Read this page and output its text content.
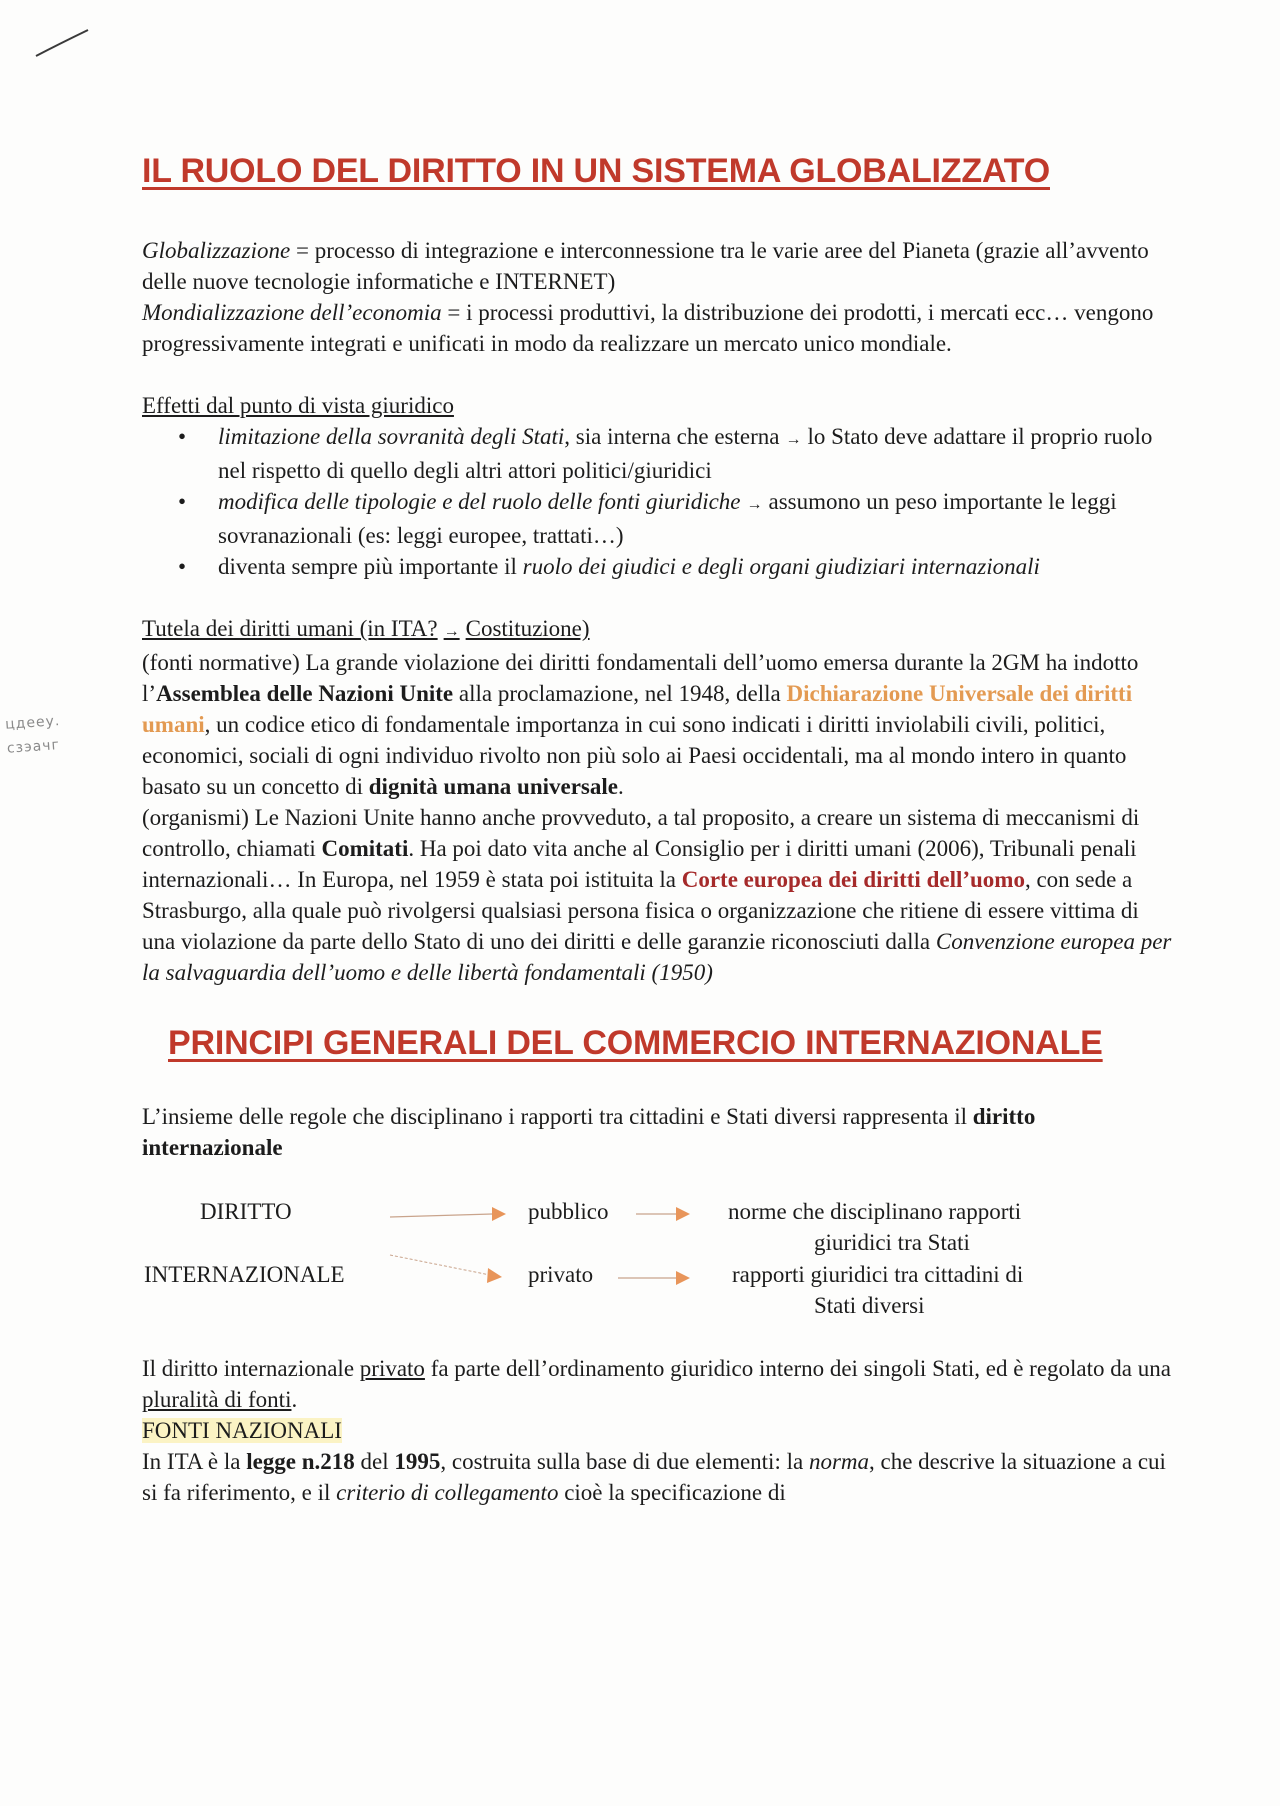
цдееу.
сзэачг
IL RUOLO DEL DIRITTO IN UN SISTEMA GLOBALIZZATO

Globalizzazione = processo di integrazione e interconnessione tra le varie aree del Pianeta (grazie all’avvento delle nuove tecnologie informatiche e INTERNET)

Mondializzazione dell’economia = i processi produttivi, la distribuzione dei prodotti, i mercati ecc… vengono progressivamente integrati e unificati in modo da realizzare un mercato unico mondiale.

Effetti dal punto di vista giuridico

• limitazione della sovranità degli Stati, sia interna che esterna → lo Stato deve adattare il proprio ruolo nel rispetto di quello degli altri attori politici/giuridici
• modifica delle tipologie e del ruolo delle fonti giuridiche → assumono un peso importante le leggi sovranazionali (es: leggi europee, trattati…)
• diventa sempre più importante il ruolo dei giudici e degli organi giudiziari internazionali

Tutela dei diritti umani (in ITA? → Costituzione)

(fonti normative) La grande violazione dei diritti fondamentali dell’uomo emersa durante la 2GM ha indotto l’Assemblea delle Nazioni Unite alla proclamazione, nel 1948, della Dichiarazione Universale dei diritti umani, un codice etico di fondamentale importanza in cui sono indicati i diritti inviolabili civili, politici, economici, sociali di ogni individuo rivolto non più solo ai Paesi occidentali, ma al mondo intero in quanto basato su un concetto di dignità umana universale.

(organismi) Le Nazioni Unite hanno anche provveduto, a tal proposito, a creare un sistema di meccanismi di controllo, chiamati Comitati. Ha poi dato vita anche al Consiglio per i diritti umani (2006), Tribunali penali internazionali… In Europa, nel 1959 è stata poi istituita la Corte europea dei diritti dell’uomo, con sede a Strasburgo, alla quale può rivolgersi qualsiasi persona fisica o organizzazione che ritiene di essere vittima di una violazione da parte dello Stato di uno dei diritti e delle garanzie riconosciuti dalla Convenzione europea per la salvaguardia dell’uomo e delle libertà fondamentali (1950)

PRINCIPI GENERALI DEL COMMERCIO INTERNAZIONALE

L’insieme delle regole che disciplinano i rapporti tra cittadini e Stati diversi rappresenta il diritto internazionale

DIRITTO
INTERNAZIONALE
pubblico
privato
norme che disciplinano rapporti
giuridici tra Stati
rapporti giuridici tra cittadini di
Stati diversi

Il diritto internazionale privato fa parte dell’ordinamento giuridico interno dei singoli Stati, ed è regolato da una pluralità di fonti.

FONTI NAZIONALI

In ITA è la legge n.218 del 1995, costruita sulla base di due elementi: la norma, che descrive la situazione a cui si fa riferimento, e il criterio di collegamento cioè la specificazione di
